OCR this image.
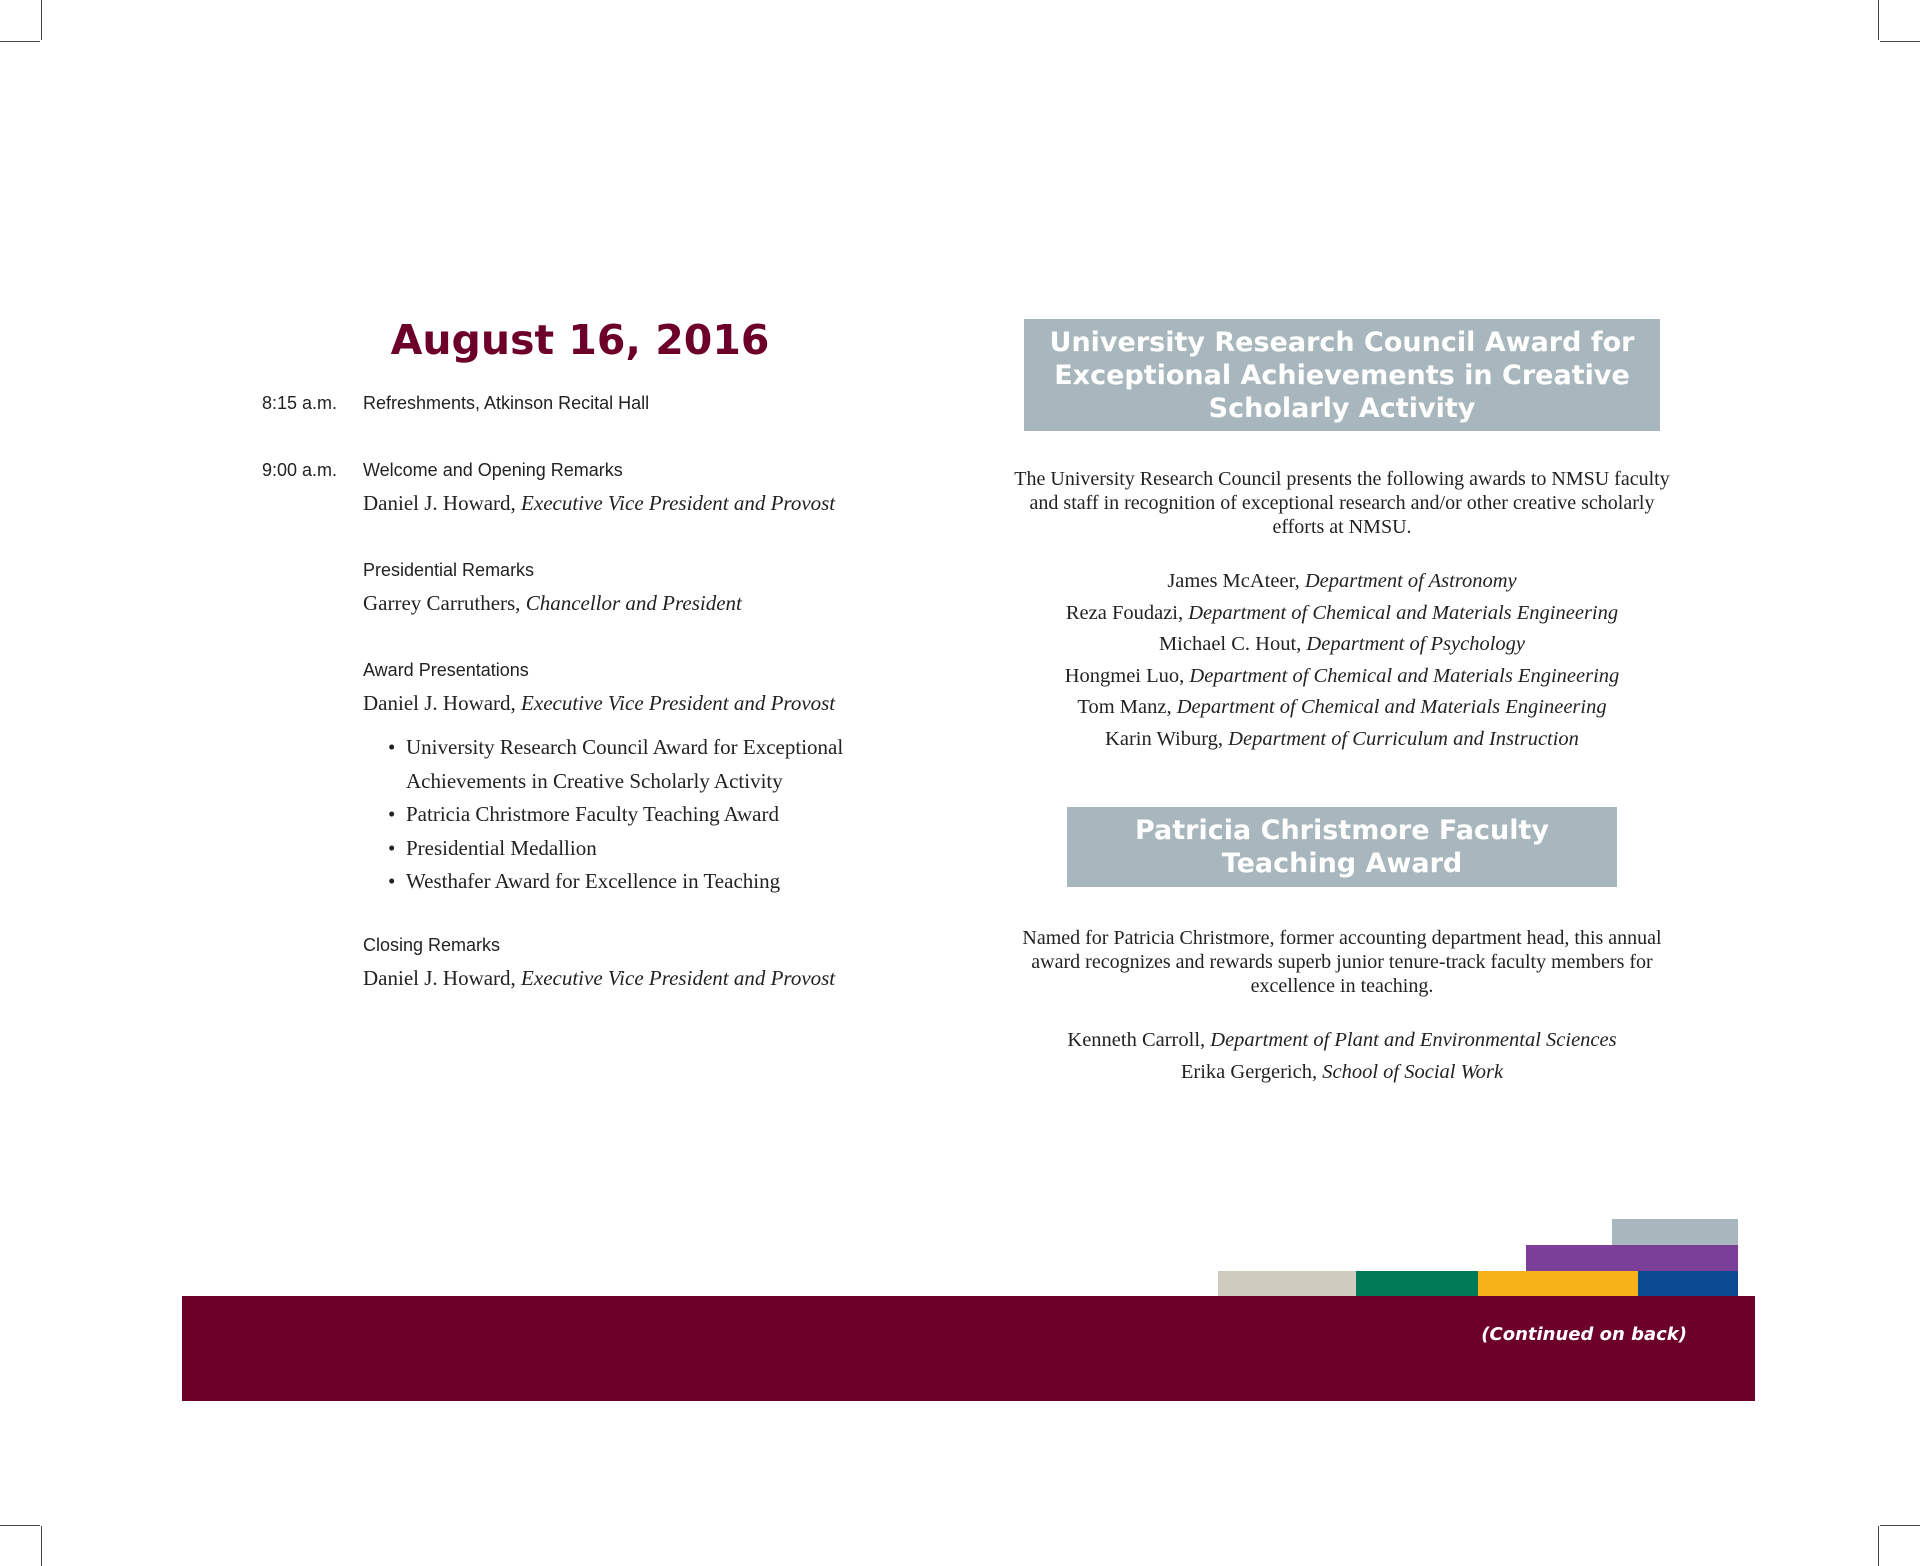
August 16, 2016
8:15 a.m. Refreshments, Atkinson Recital Hall
9:00 a.m. Welcome and Opening Remarks
Daniel J. Howard, Executive Vice President and Provost
Presidential Remarks
Garrey Carruthers, Chancellor and President
Award Presentations
Daniel J. Howard, Executive Vice President and Provost
• University Research Council Award for Exceptional Achievements in Creative Scholarly Activity
• Patricia Christmore Faculty Teaching Award
• Presidential Medallion
• Westhafer Award for Excellence in Teaching
Closing Remarks
Daniel J. Howard, Executive Vice President and Provost
University Research Council Award for
Exceptional Achievements in Creative
Scholarly Activity
The University Research Council presents the following awards to NMSU faculty and staff in recognition of exceptional research and/or other creative scholarly efforts at NMSU.
James McAteer, Department of Astronomy
Reza Foudazi, Department of Chemical and Materials Engineering
Michael C. Hout, Department of Psychology
Hongmei Luo, Department of Chemical and Materials Engineering
Tom Manz, Department of Chemical and Materials Engineering
Karin Wiburg, Department of Curriculum and Instruction
Patricia Christmore Faculty
Teaching Award
Named for Patricia Christmore, former accounting department head, this annual award recognizes and rewards superb junior tenure-track faculty members for excellence in teaching.
Kenneth Carroll, Department of Plant and Environmental Sciences
Erika Gergerich, School of Social Work
(Continued on back)
